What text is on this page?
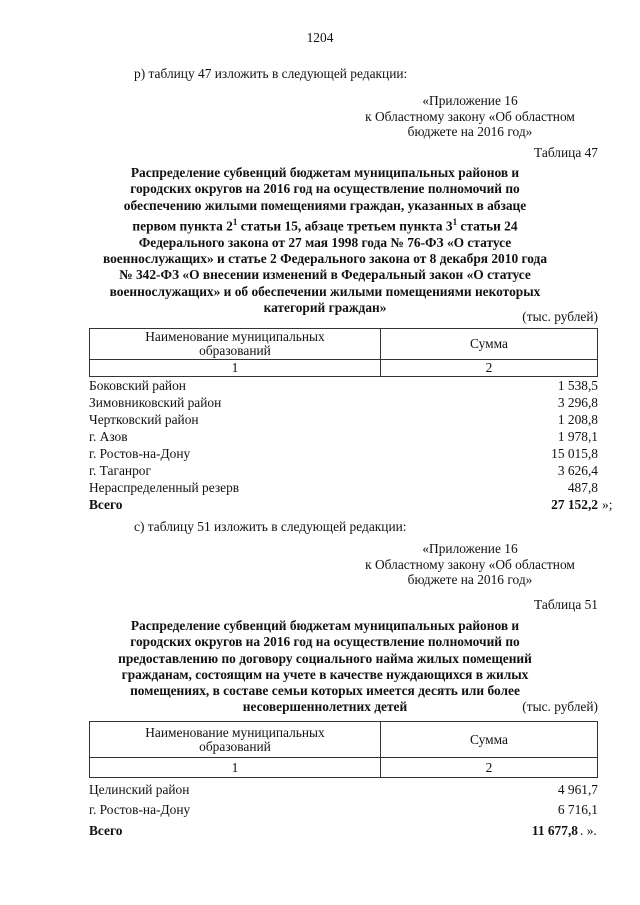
1204
р) таблицу 47 изложить в следующей редакции:
«Приложение 16
к Областному закону «Об областном
бюджете на 2016 год»
Таблица 47
Распределение субвенций бюджетам муниципальных районов и
городских округов на 2016 год на осуществление полномочий по
обеспечению жилыми помещениями граждан, указанных в абзаце
первом пункта $2^1$ статьи 15, абзаце третьем пункта $3^1$ статьи 24
Федерального закона от 27 мая 1998 года № 76-ФЗ «О статусе
военнослужащих» и статье 2 Федерального закона от 8 декабря 2010 года
№ 342-ФЗ «О внесении изменений в Федеральный закон «О статусе
военнослужащих» и об обеспечении жилыми помещениями некоторых
категорий граждан»
(тыс. рублей)
Наименование муниципальных
образований	Сумма
1	2
Боковский район	1 538,5
Зимовниковский район	3 296,8
Чертковский район	1 208,8
г. Азов	1 978,1
г. Ростов-на-Дону	15 015,8
г. Таганрог	3 626,4
Нераспределенный резерв	487,8
Всего	27 152,2 »;
с) таблицу 51 изложить в следующей редакции:
«Приложение 16
к Областному закону «Об областном
бюджете на 2016 год»
Таблица 51
Распределение субвенций бюджетам муниципальных районов и
городских округов на 2016 год на осуществление полномочий по
предоставлению по договору социального найма жилых помещений
гражданам, состоящим на учете в качестве нуждающихся в жилых
помещениях, в составе семьи которых имеется десять или более
несовершеннолетних детей	(тыс. рублей)
Наименование муниципальных
образований	Сумма
1	2
Целинский район	4 961,7
г. Ростов-на-Дону	6 716,1
Всего	11 677,8 . ».
